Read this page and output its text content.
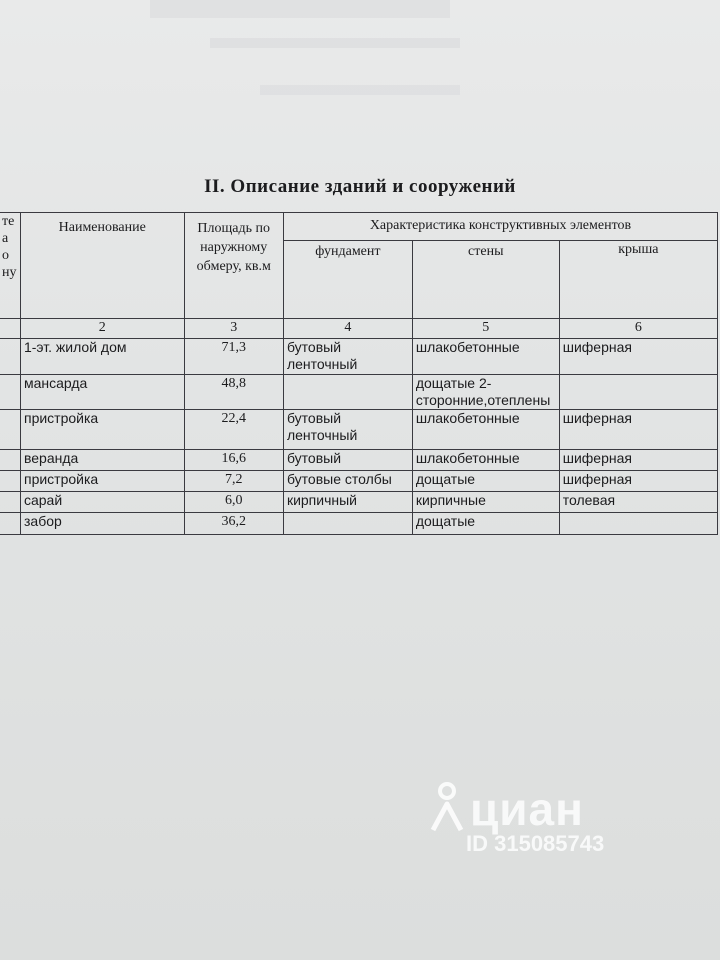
II. Описание зданий и сооружений
те
а
о
ну	Наименование	Площадь по наружному обмеру, кв.м	Характеристика конструктивных элементов		
			фундамент	стены	крыша
	2	3	4	5	6
	1-эт. жилой дом	71,3	бутовый ленточный	шлакобетонные	шиферная
	мансарда	48,8		дощатые 2-сторонние,отеплены	
	пристройка	22,4	бутовый ленточный	шлакобетонные	шиферная
	веранда	16,6	бутовый	шлакобетонные	шиферная
	пристройка	7,2	бутовые столбы	дощатые	шиферная
	сарай	6,0	кирпичный	кирпичные	толевая
	забор	36,2		дощатые	
циан
ID 315085743
